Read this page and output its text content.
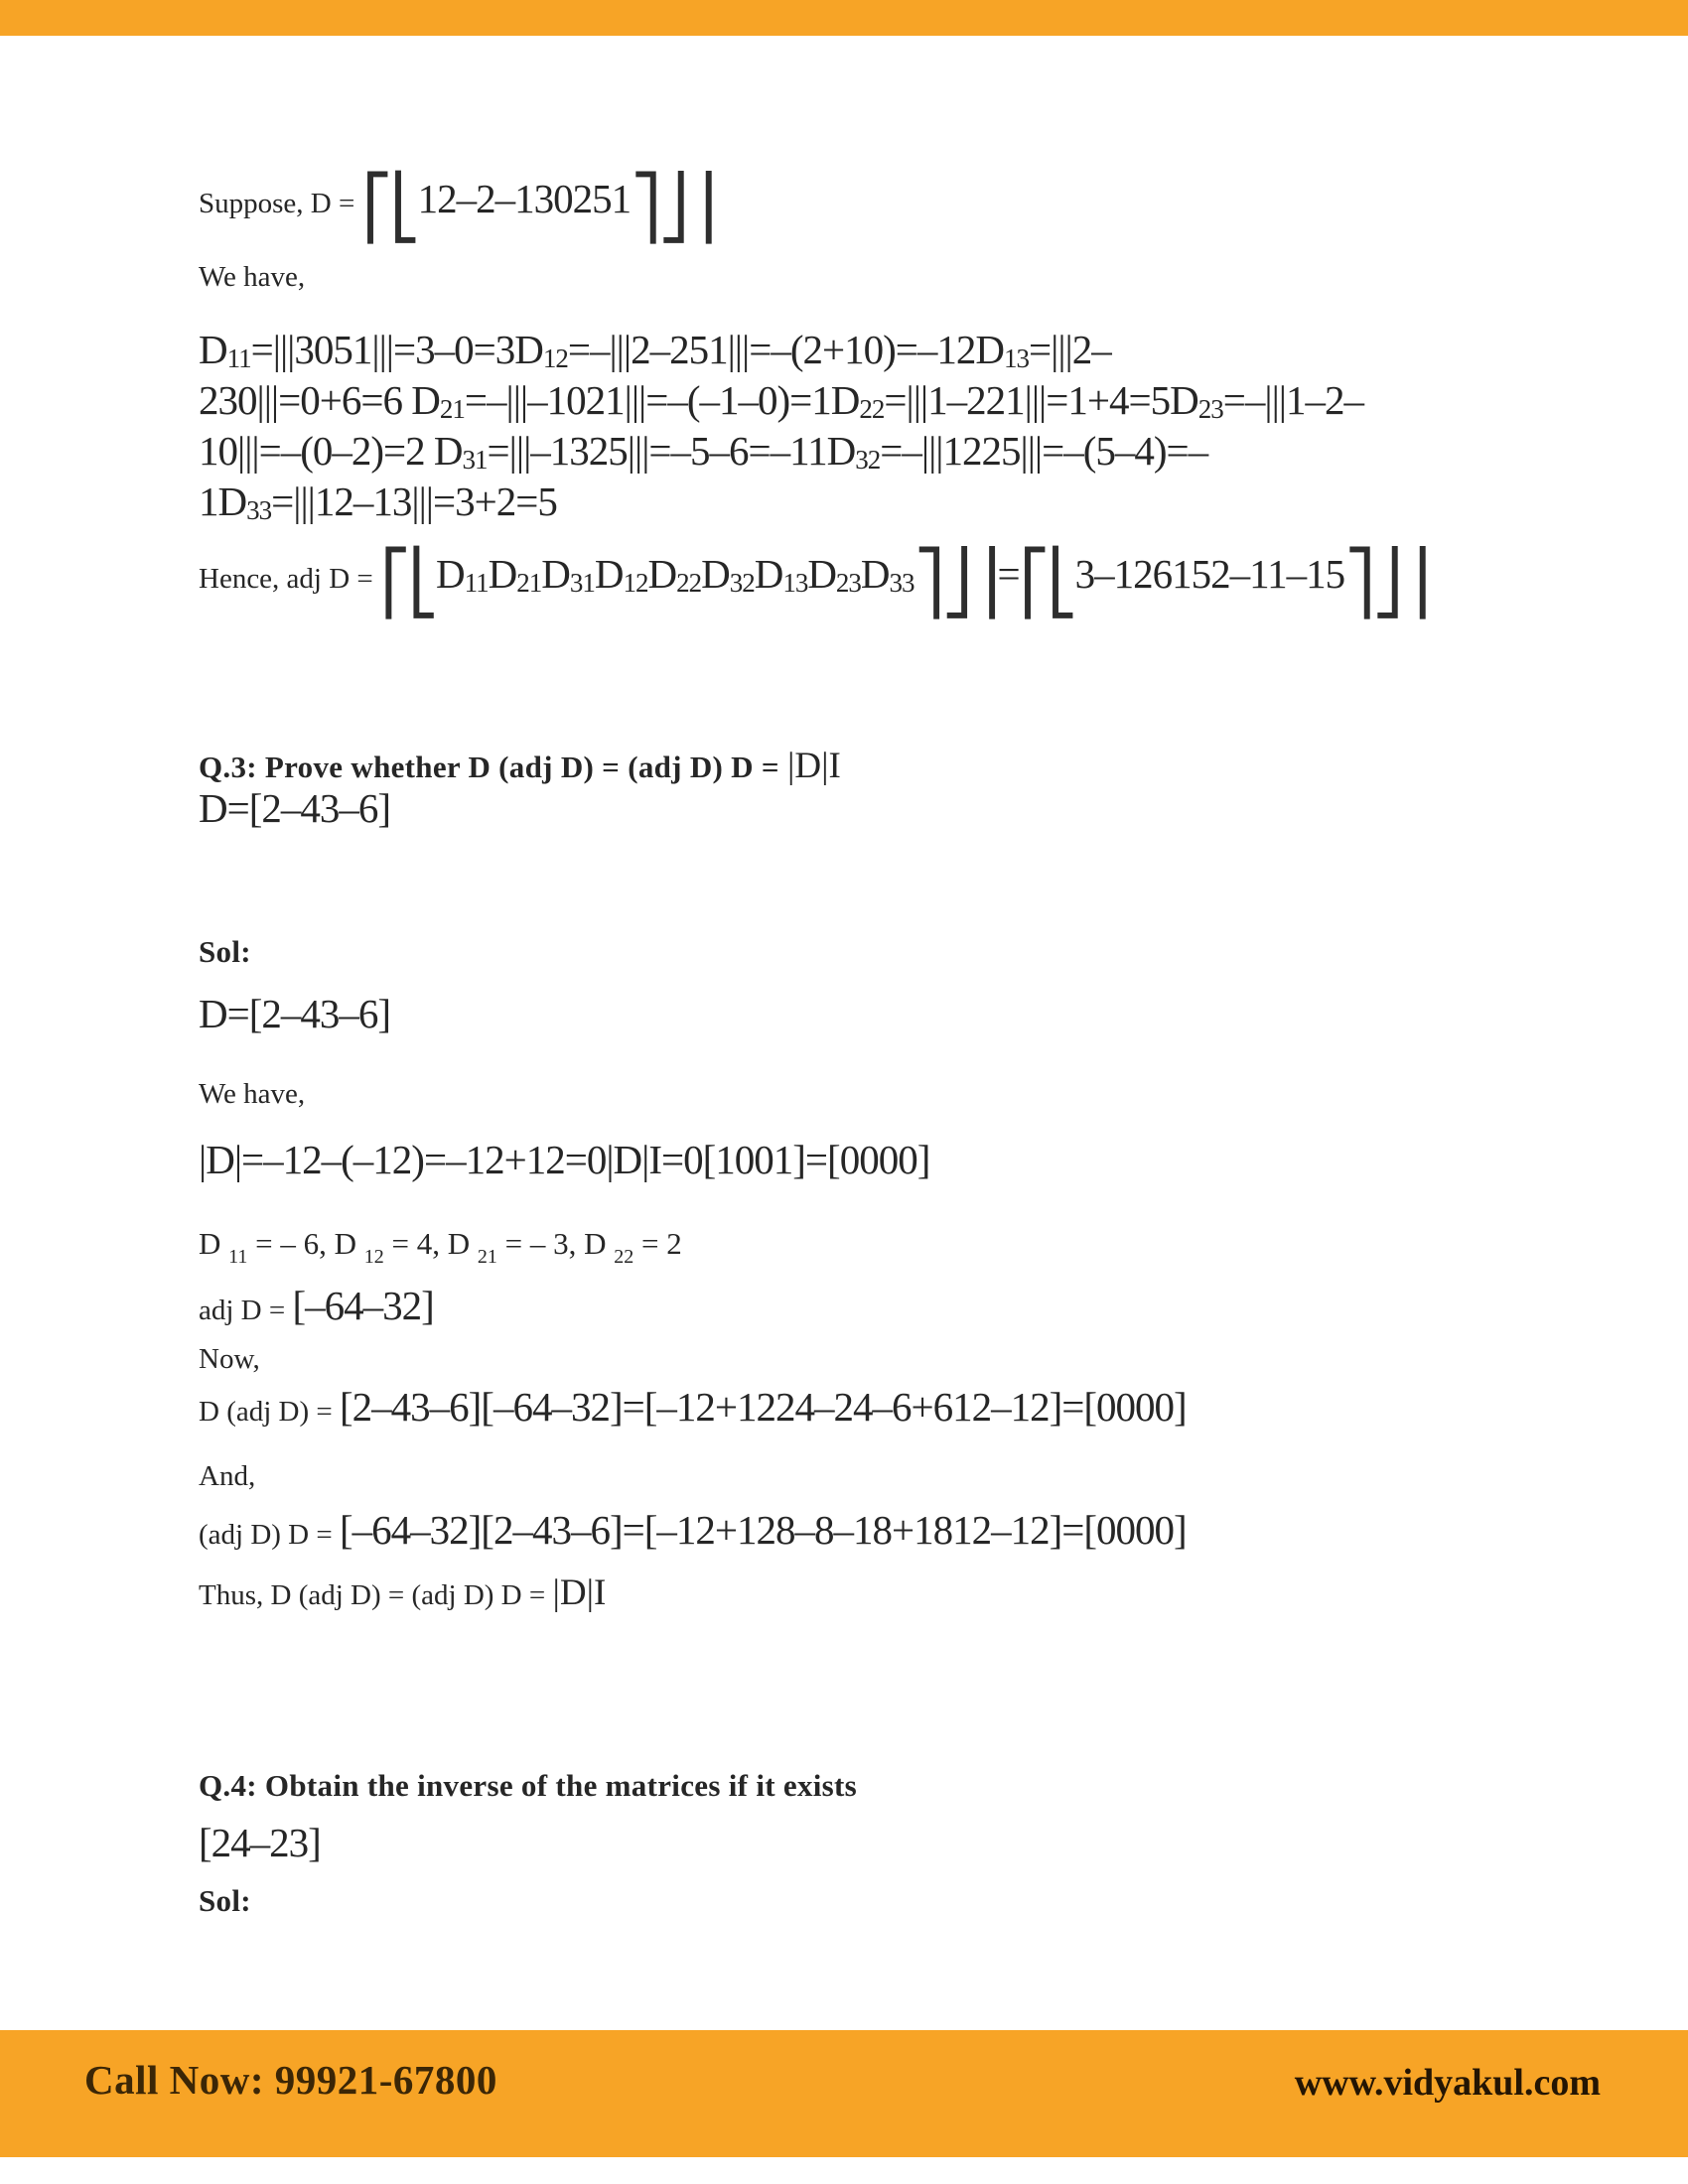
Suppose, D = ⎡⎣12–2–130251⎤⎦⎥
We have,
D11=|||3051|||=3–0=3D12=–|||2–251|||=–(2+10)=–12D13=|||2–
230|||=0+6=6 D21=–|||–1021|||=–(–1–0)=1D22=|||1–221|||=1+4=5D23=–|||1–2–
10|||=–(0–2)=2 D31=|||–1325|||=–5–6=–11D32=–|||1225|||=–(5–4)=–
1D33=|||12–13|||=3+2=5
Hence, adj D = ⎡⎣D11D21D31D12D22D32D13D23D33⎤⎦⎥=⎡⎣3–126152–11–15⎤⎦⎥
Q.3: Prove whether D (adj D) = (adj D) D = |D|I
D=[2–43–6]
Sol:
D=[2–43–6]
We have,
|D|=–12–(–12)=–12+12=0|D|I=0[1001]=[0000]
D 11 = – 6, D 12 = 4, D 21 = – 3, D 22 = 2
adj D = [–64–32]
Now,
D (adj D) = [2–43–6][–64–32]=[–12+1224–24–6+612–12]=[0000]
And,
(adj D) D = [–64–32][2–43–6]=[–12+128–8–18+1812–12]=[0000]
Thus, D (adj D) = (adj D) D = |D|I
Q.4: Obtain the inverse of the matrices if it exists
[24–23]
Sol:
Call Now: 99921-67800	www.vidyakul.com
